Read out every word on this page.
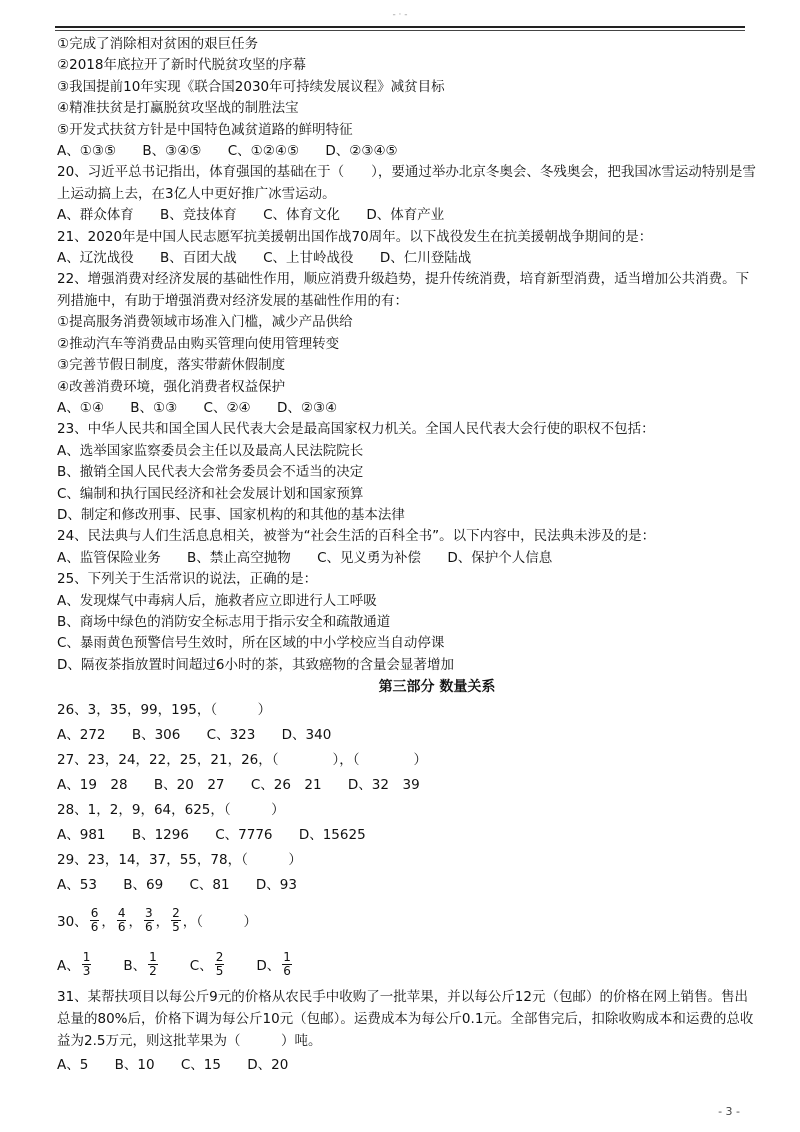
- · -
①完成了消除相对贫困的艰巨任务
②2018年底拉开了新时代脱贫攻坚的序幕
③我国提前10年实现《联合国2030年可持续发展议程》减贫目标
④精准扶贫是打赢脱贫攻坚战的制胜法宝
⑤开发式扶贫方针是中国特色减贫道路的鲜明特征
A、①③⑤ B、③④⑤ C、①②④⑤ D、②③④⑤
20、习近平总书记指出，体育强国的基础在于（　　），要通过举办北京冬奥会、冬残奥会，把我国冰雪运动特别是雪上运动搞上去，在3亿人中更好推广冰雪运动。
A、群众体育 B、竞技体育 C、体育文化 D、体育产业
21、2020年是中国人民志愿军抗美援朝出国作战70周年。以下战役发生在抗美援朝战争期间的是：
A、辽沈战役 B、百团大战 C、上甘岭战役 D、仁川登陆战
22、增强消费对经济发展的基础性作用，顺应消费升级趋势，提升传统消费，培育新型消费，适当增加公共消费。下列措施中，有助于增强消费对经济发展的基础性作用的有：
①提高服务消费领域市场准入门槛，减少产品供给
②推动汽车等消费品由购买管理向使用管理转变
③完善节假日制度，落实带薪休假制度
④改善消费环境，强化消费者权益保护
A、①④ B、①③ C、②④ D、②③④
23、中华人民共和国全国人民代表大会是最高国家权力机关。全国人民代表大会行使的职权不包括：
A、选举国家监察委员会主任以及最高人民法院院长
B、撤销全国人民代表大会常务委员会不适当的决定
C、编制和执行国民经济和社会发展计划和国家预算
D、制定和修改刑事、民事、国家机构的和其他的基本法律
24、民法典与人们生活息息相关，被誉为“社会生活的百科全书”。以下内容中，民法典未涉及的是：
A、监管保险业务 B、禁止高空抛物 C、见义勇为补偿 D、保护个人信息
25、下列关于生活常识的说法，正确的是：
A、发现煤气中毒病人后，施救者应立即进行人工呼吸
B、商场中绿色的消防安全标志用于指示安全和疏散通道
C、暴雨黄色预警信号生效时，所在区域的中小学校应当自动停课
D、隔夜茶指放置时间超过6小时的茶，其致癌物的含量会显著增加
第三部分 数量关系
26、3，35，99，195，（　　　）
A、272 B、306 C、323 D、340
27、23，24，22，25，21，26，（　　　　），（　　　　）
A、19　28 B、20　27 C、26　21 D、32　39
28、1，2，9，64，625，（　　　）
A、981 B、1296 C、7776 D、15625
29、23，14，37，55，78，（　　　）
A、53 B、69 C、81 D、93
30、 $\frac{6}{6}$ ， $\frac{4}{6}$ ， $\frac{3}{6}$ ， $\frac{2}{5}$ ，（　　　）
A、 $\frac{1}{3}$ B、 $\frac{1}{2}$ C、 $\frac{2}{5}$ D、 $\frac{1}{6}$
31、某帮扶项目以每公斤9元的价格从农民手中收购了一批苹果，并以每公斤12元（包邮）的价格在网上销售。售出总量的80%后，价格下调为每公斤10元（包邮）。运费成本为每公斤0.1元。全部售完后，扣除收购成本和运费的总收益为2.5万元，则这批苹果为（　　　）吨。
A、5 B、10 C、15 D、20
- 3 -
